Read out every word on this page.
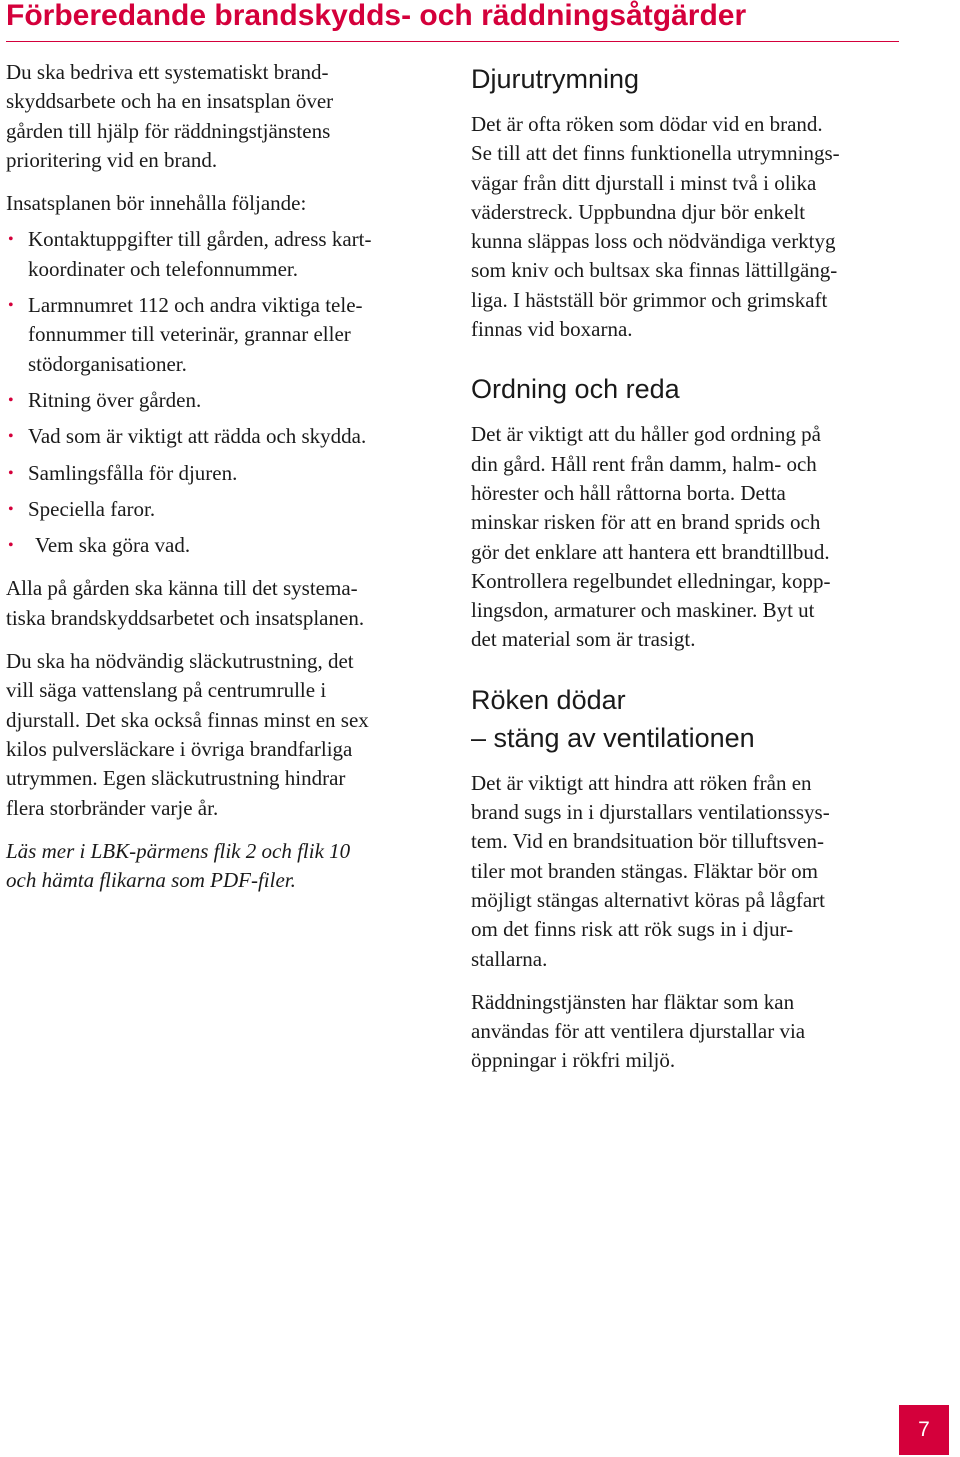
Förberedande brandskydds- och räddningsåtgärder

Du ska bedriva ett systematiskt brand-
skyddsarbete och ha en insatsplan över
gården till hjälp för räddningstjänstens
prioritering vid en brand.

Insatsplanen bör innehålla följande:

• Kontaktuppgifter till gården, adress kart-
koordinater och telefonnummer.
• Larmnumret 112 och andra viktiga tele-
fonnummer till veterinär, grannar eller
stödorganisationer.
• Ritning över gården.
• Vad som är viktigt att rädda och skydda.
• Samlingsfålla för djuren.
• Speciella faror.
• Vem ska göra vad.

Alla på gården ska känna till det systema-
tiska brandskyddsarbetet och insatsplanen.

Du ska ha nödvändig släckutrustning, det
vill säga vattenslang på centrumrulle i
djurstall. Det ska också finnas minst en sex
kilos pulversläckare i övriga brandfarliga
utrymmen. Egen släckutrustning hindrar
flera storbränder varje år.

Läs mer i LBK-pärmens flik 2 och flik 10
och hämta flikarna som PDF-filer.

Djurutrymning

Det är ofta röken som dödar vid en brand.
Se till att det finns funktionella utrymnings-
vägar från ditt djurstall i minst två i olika
väderstreck. Uppbundna djur bör enkelt
kunna släppas loss och nödvändiga verktyg
som kniv och bultsax ska finnas lättillgäng-
liga. I hästställ bör grimmor och grimskaft
finnas vid boxarna.

Ordning och reda

Det är viktigt att du håller god ordning på
din gård. Håll rent från damm, halm- och
hörester och håll råttorna borta. Detta
minskar risken för att en brand sprids och
gör det enklare att hantera ett brandtillbud.
Kontrollera regelbundet elledningar, kopp-
lingsdon, armaturer och maskiner. Byt ut
det material som är trasigt.

Röken dödar
– stäng av ventilationen

Det är viktigt att hindra att röken från en
brand sugs in i djurstallars ventilationssys-
tem. Vid en brandsituation bör tilluftsven-
tiler mot branden stängas. Fläktar bör om
möjligt stängas alternativt köras på lågfart
om det finns risk att rök sugs in i djur-
stallarna.

Räddningstjänsten har fläktar som kan
användas för att ventilera djurstallar via
öppningar i rökfri miljö.

7
